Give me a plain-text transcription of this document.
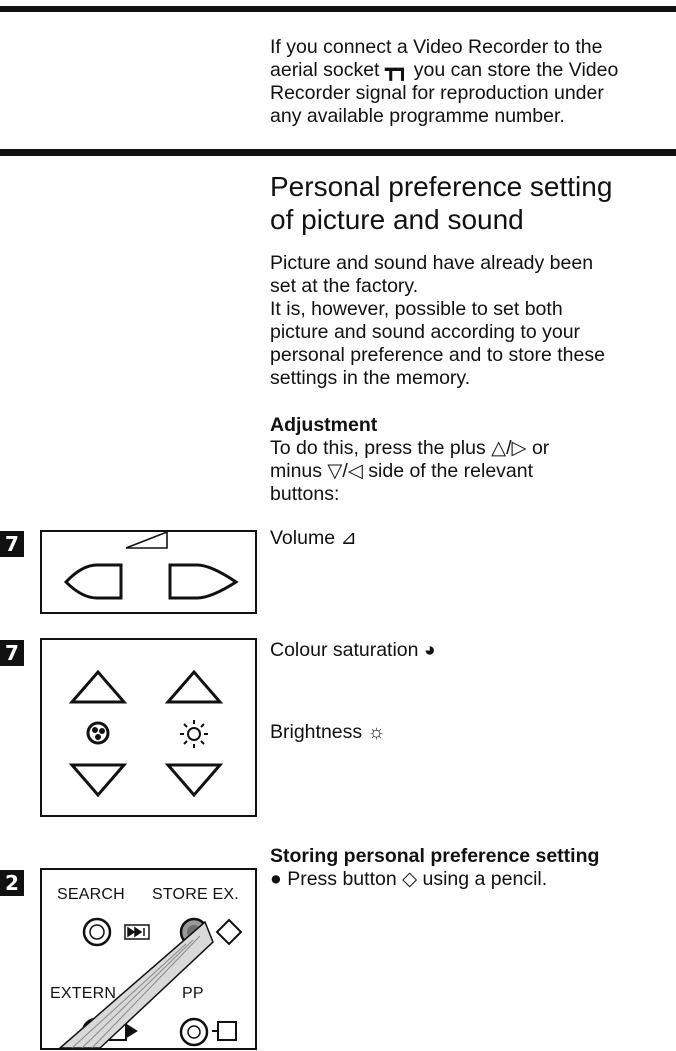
If you connect a Video Recorder to the
aerial socket ┳┓ you can store the Video
Recorder signal for reproduction under
any available programme number.
Personal preference setting
of picture and sound
Picture and sound have already been
set at the factory.
It is, however, possible to set both
picture and sound according to your
personal preference and to store these
settings in the memory.
Adjustment
To do this, press the plus △/▷ or
minus ▽/◁ side of the relevant
buttons:
Volume ⊿
7
Colour saturation ◕
Brightness ☼
7
Storing personal preference setting
● Press button ◇ using a pencil.
2	SEARCH STORE EX.
EXTERN	PP
